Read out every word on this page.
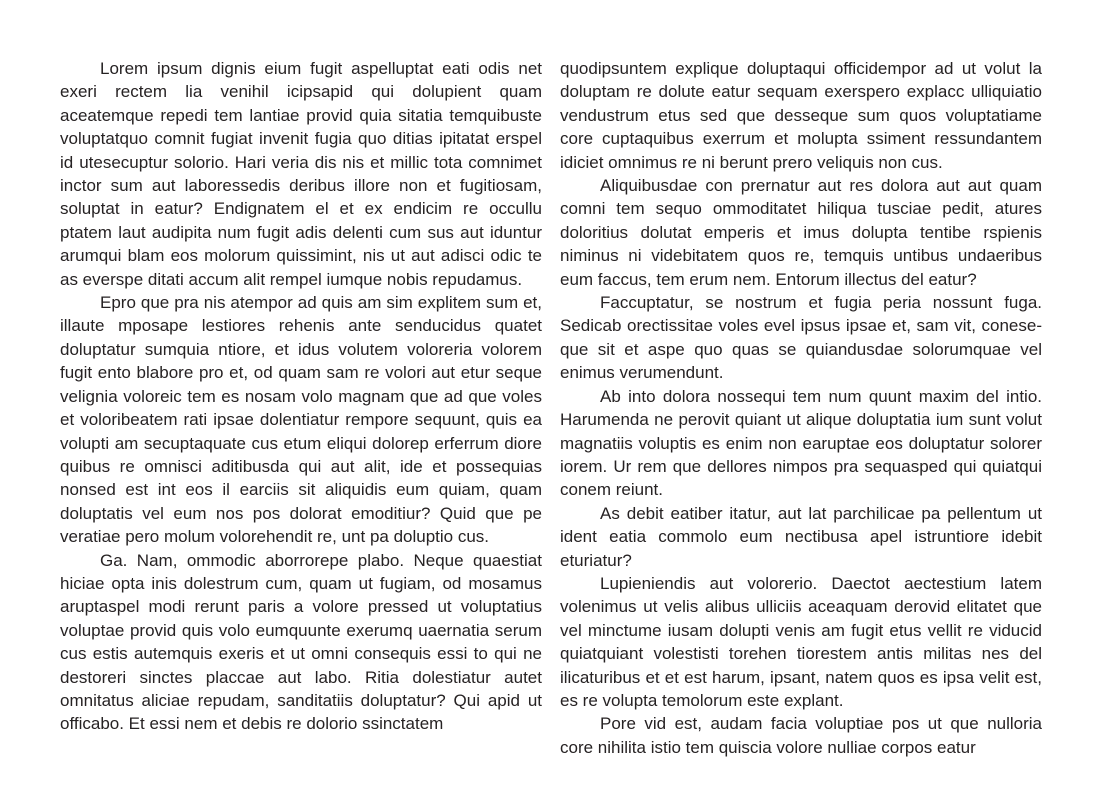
Lorem ipsum dignis eium fugit aspelluptat eati odis net exeri rectem lia venihil icipsapid qui dolupient quam aceatemque repedi tem lantiae provid quia sitatia temquibuste voluptatquo comnit fugiat invenit fugia quo ditias ipitatat erspel id utesecuptur solorio. Hari veria dis nis et millic tota comnimet inctor sum aut laboressedis deribus illore non et fugitiosam, soluptat in eatur? Endignatem el et ex endicim re occullu ptatem laut audipita num fugit adis delenti cum sus aut iduntur arumqui blam eos molorum quissimint, nis ut aut adisci odic te as everspe ditati accum alit rempel iumque nobis repudamus.

Epro que pra nis atempor ad quis am sim explitem sum et, illaute mposape lestiores rehenis ante senducidus quatet doluptatur sumquia ntiore, et idus volutem voloreria volorem fugit ento blabore pro et, od quam sam re volori aut etur seque velignia voloreic tem es nosam volo magnam que ad que voles et voloribeatem rati ipsae dolentiatur rempore sequunt, quis ea volupti am secuptaquate cus etum eliqui dolorep erferrum diore quibus re omnisci aditibusda qui aut alit, ide et possequias nonsed est int eos il earciis sit aliquidis eum quiam, quam doluptatis vel eum nos pos dolorat emoditiur? Quid que pe veratiae pero molum volorehendit re, unt pa doluptio cus.

Ga. Nam, ommodic aborrorepe plabo. Neque quaestiat hiciae opta inis dolestrum cum, quam ut fugiam, od mosamus aruptaspel modi rerunt paris a volore pressed ut voluptatius voluptae provid quis volo eumquunte exerumq uaernatia serum cus estis autemquis exeris et ut omni consequis essi to qui ne destoreri sinctes placcae aut labo. Ritia dolestiatur autet omnitatus aliciae repudam, sanditatiis doluptatur? Qui apid ut officabo. Et essi nem et debis re dolorio ssinctatem

quodipsuntem explique doluptaqui officidempor ad ut volut la doluptam re dolute eatur sequam exerspero explacc ulliquiatio vendustrum etus sed que desseque sum quos voluptatiame core cuptaquibus exerrum et molupta ssiment ressundantem idiciet omnimus re ni berunt prero veliquis non cus.

Aliquibusdae con prernatur aut res dolora aut aut quam comni tem sequo ommoditatet hiliqua tusciae pedit, atures doloritius dolutat emperis et imus dolupta tentibe rspienis niminus ni videbitatem quos re, temquis untibus undaeribus eum faccus, tem erum nem. Entorum illectus del eatur?

Faccuptatur, se nostrum et fugia peria nossunt fuga. Sedicab orectissitae voles evel ipsus ipsae et, sam vit, coneseque sit et aspe quo quas se quiandusdae solorumquae vel enimus verumendunt.

Ab into dolora nossequi tem num quunt maxim del intio. Harumenda ne perovit quiant ut alique doluptatia ium sunt volut magnatiis voluptis es enim non earuptae eos doluptatur solorer iorem. Ur rem que dellores nimpos pra sequasped qui quiatqui conem reiunt.

As debit eatiber itatur, aut lat parchilicae pa pellentum ut ident eatia commolo eum nectibusa apel istruntiore idebit eturiatur?

Lupieniendis aut volorerio. Daectot aectestium latem volenimus ut velis alibus ulliciis aceaquam derovid elitatet que vel minctume iusam dolupti venis am fugit etus vellit re viducid quiatquiant volestisti torehen tiorestem antis militas nes del ilicaturibus et et est harum, ipsant, natem quos es ipsa velit est, es re volupta temolorum este explant.

Pore vid est, audam facia voluptiae pos ut que nulloria core nihilita istio tem quiscia volore nulliae corpos eatur
